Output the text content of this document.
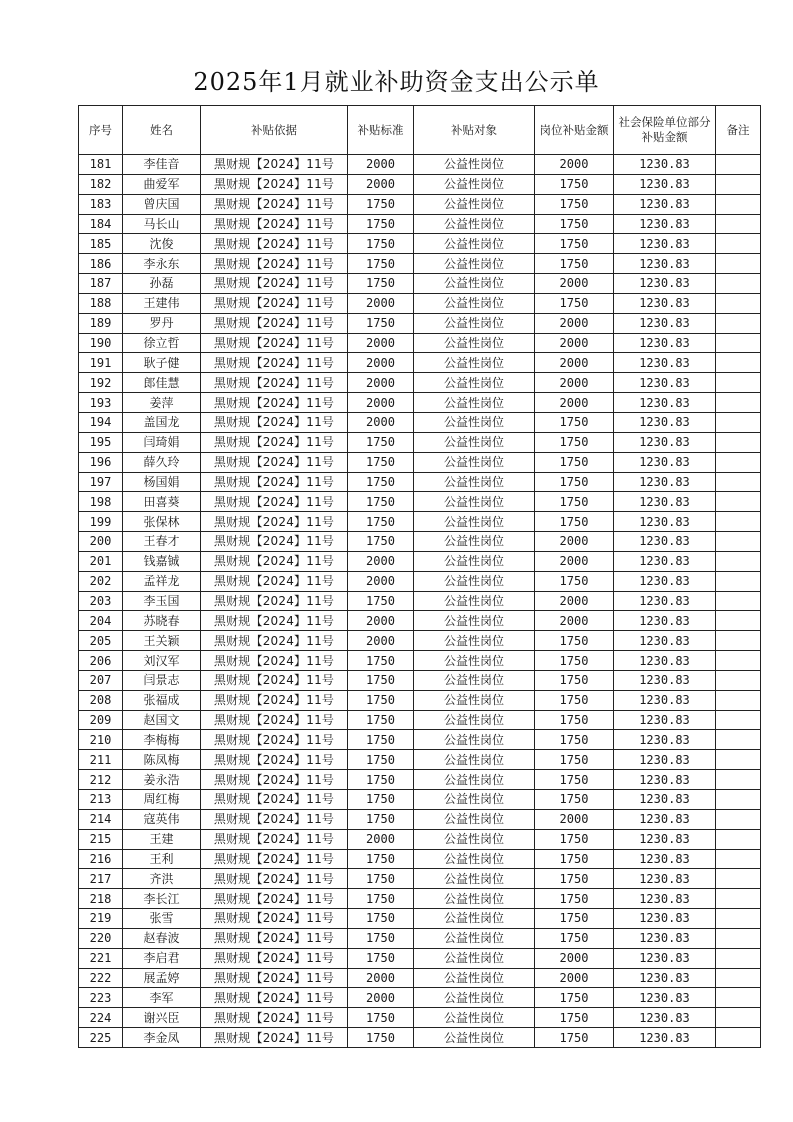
2025年1月就业补助资金支出公示单
序号	姓名	补贴依据	补贴标准	补贴对象	岗位补贴金额	社会保险单位部分补贴金额	备注
181	李佳音	黑财规【2024】11号	2000	公益性岗位	2000	1230.83	
182	曲爱军	黑财规【2024】11号	2000	公益性岗位	1750	1230.83	
183	曾庆国	黑财规【2024】11号	1750	公益性岗位	1750	1230.83	
184	马长山	黑财规【2024】11号	1750	公益性岗位	1750	1230.83	
185	沈俊	黑财规【2024】11号	1750	公益性岗位	1750	1230.83	
186	李永东	黑财规【2024】11号	1750	公益性岗位	1750	1230.83	
187	孙磊	黑财规【2024】11号	1750	公益性岗位	2000	1230.83	
188	王建伟	黑财规【2024】11号	2000	公益性岗位	1750	1230.83	
189	罗丹	黑财规【2024】11号	1750	公益性岗位	2000	1230.83	
190	徐立哲	黑财规【2024】11号	2000	公益性岗位	2000	1230.83	
191	耿子健	黑财规【2024】11号	2000	公益性岗位	2000	1230.83	
192	郎佳慧	黑财规【2024】11号	2000	公益性岗位	2000	1230.83	
193	姜萍	黑财规【2024】11号	2000	公益性岗位	2000	1230.83	
194	盖国龙	黑财规【2024】11号	2000	公益性岗位	1750	1230.83	
195	闫琦娟	黑财规【2024】11号	1750	公益性岗位	1750	1230.83	
196	薛久玲	黑财规【2024】11号	1750	公益性岗位	1750	1230.83	
197	杨国娟	黑财规【2024】11号	1750	公益性岗位	1750	1230.83	
198	田喜葵	黑财规【2024】11号	1750	公益性岗位	1750	1230.83	
199	张保林	黑财规【2024】11号	1750	公益性岗位	1750	1230.83	
200	王春才	黑财规【2024】11号	1750	公益性岗位	2000	1230.83	
201	钱嘉铖	黑财规【2024】11号	2000	公益性岗位	2000	1230.83	
202	孟祥龙	黑财规【2024】11号	2000	公益性岗位	1750	1230.83	
203	李玉国	黑财规【2024】11号	1750	公益性岗位	2000	1230.83	
204	苏晓春	黑财规【2024】11号	2000	公益性岗位	2000	1230.83	
205	王关颖	黑财规【2024】11号	2000	公益性岗位	1750	1230.83	
206	刘汉军	黑财规【2024】11号	1750	公益性岗位	1750	1230.83	
207	闫景志	黑财规【2024】11号	1750	公益性岗位	1750	1230.83	
208	张福成	黑财规【2024】11号	1750	公益性岗位	1750	1230.83	
209	赵国文	黑财规【2024】11号	1750	公益性岗位	1750	1230.83	
210	李梅梅	黑财规【2024】11号	1750	公益性岗位	1750	1230.83	
211	陈凤梅	黑财规【2024】11号	1750	公益性岗位	1750	1230.83	
212	姜永浩	黑财规【2024】11号	1750	公益性岗位	1750	1230.83	
213	周红梅	黑财规【2024】11号	1750	公益性岗位	1750	1230.83	
214	寇英伟	黑财规【2024】11号	1750	公益性岗位	2000	1230.83	
215	王建	黑财规【2024】11号	2000	公益性岗位	1750	1230.83	
216	王利	黑财规【2024】11号	1750	公益性岗位	1750	1230.83	
217	齐洪	黑财规【2024】11号	1750	公益性岗位	1750	1230.83	
218	李长江	黑财规【2024】11号	1750	公益性岗位	1750	1230.83	
219	张雪	黑财规【2024】11号	1750	公益性岗位	1750	1230.83	
220	赵春波	黑财规【2024】11号	1750	公益性岗位	1750	1230.83	
221	李启君	黑财规【2024】11号	1750	公益性岗位	2000	1230.83	
222	展孟婷	黑财规【2024】11号	2000	公益性岗位	2000	1230.83	
223	李军	黑财规【2024】11号	2000	公益性岗位	1750	1230.83	
224	谢兴臣	黑财规【2024】11号	1750	公益性岗位	1750	1230.83	
225	李金凤	黑财规【2024】11号	1750	公益性岗位	1750	1230.83	
